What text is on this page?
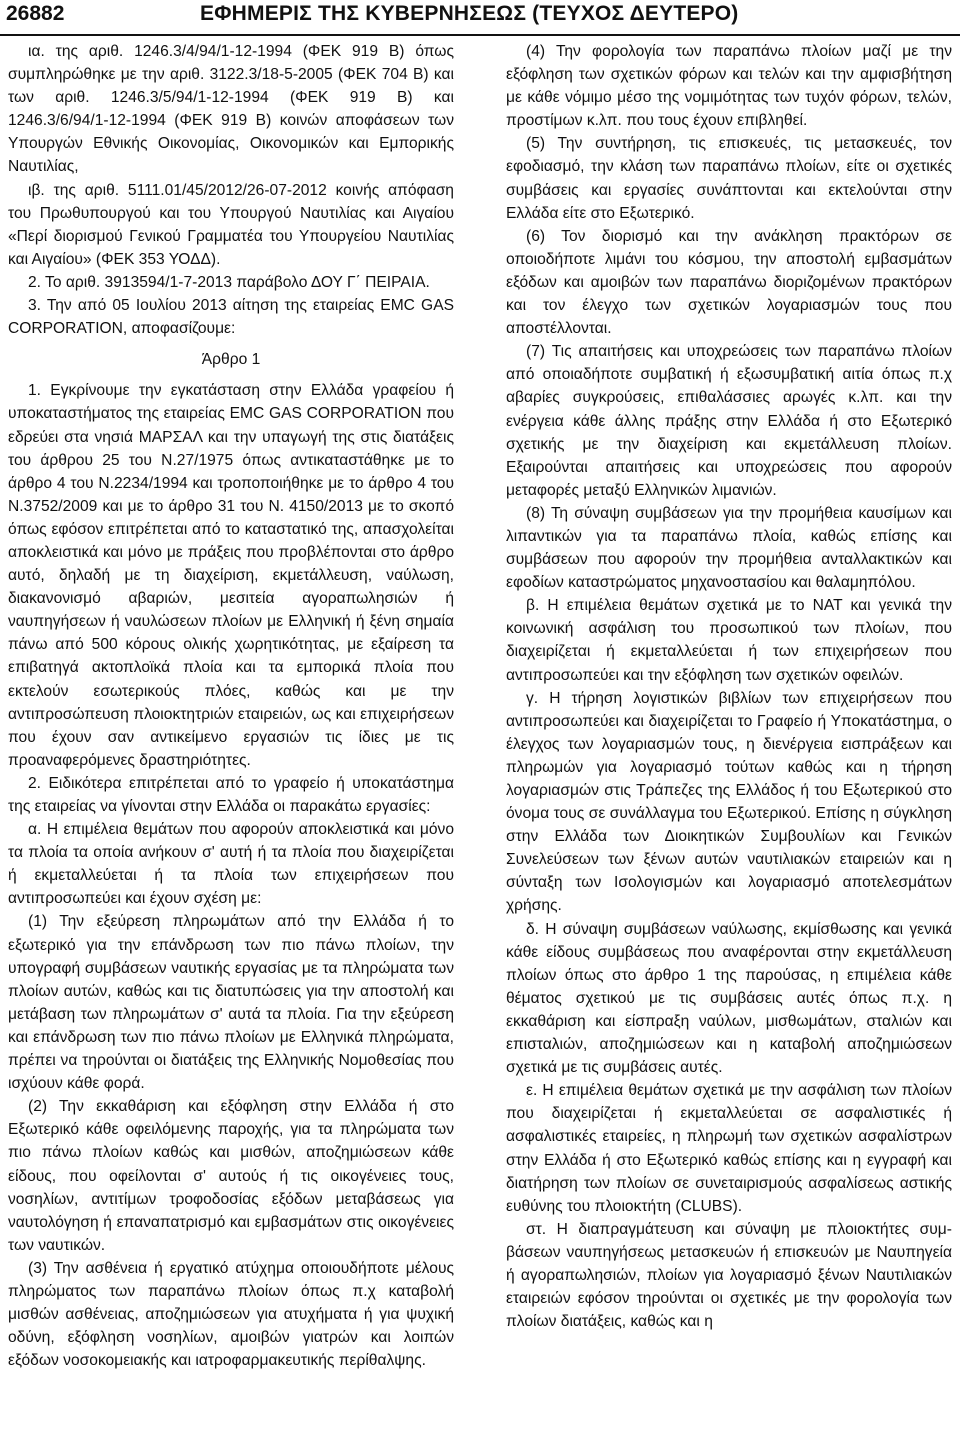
26882	ΕΦΗΜΕΡΙΣ ΤΗΣ ΚΥΒΕΡΝΗΣΕΩΣ (ΤΕΥΧΟΣ ΔΕΥΤΕΡΟ)

ια. της αριθ. 1246.3/4/94/1-12-1994 (ΦΕΚ 919 Β) όπως συμπληρώθηκε με την αριθ. 3122.3/18-5-2005 (ΦΕΚ 704 Β) και των αριθ. 1246.3/5/94/1-12-1994 (ΦΕΚ 919 Β) και 1246.3/6/94/1-12-1994 (ΦΕΚ 919 Β) κοινών αποφάσεων των Υπουργών Εθνικής Οικονομίας, Οικονομικών και Εμπορικής Ναυτιλίας,

ιβ. της αριθ. 5111.01/45/2012/26-07-2012 κοινής απόφαση του Πρωθυπουργού και του Υπουργού Ναυτιλίας και Αιγαίου «Περί διορισμού Γενικού Γραμματέα του Υπουργείου Ναυτιλίας και Αιγαίου» (ΦΕΚ 353 ΥΟΔΔ).

2. Το αριθ. 3913594/1-7-2013 παράβολο ΔΟΥ Γ΄ ΠΕΙΡΑΙΑ.

3. Την από 05 Ιουλίου 2013 αίτηση της εταιρείας EMC GAS CORPORATION, αποφασίζουμε:

Άρθρο 1

1. Εγκρίνουμε την εγκατάσταση στην Ελλάδα γραφείου ή υποκαταστήματος της εταιρείας EMC GAS CORPORATION που εδρεύει στα νησιά ΜΑΡΣΑΛ και την υπαγωγή της στις διατάξεις του άρθρου 25 του Ν.27/1975 όπως αντικαταστάθηκε με το άρθρο 4 του Ν.2234/1994 και τροποποιήθηκε με το άρθρο 4 του Ν.3752/2009 και με το άρθρο 31 του Ν. 4150/2013 με το σκοπό όπως εφόσον επιτρέπεται από το καταστατικό της, απασχολείται αποκλειστικά και μόνο με πράξεις που προβλέπονται στο άρθρο αυτό, δηλαδή με τη διαχείριση, εκμετάλλευση, ναύλωση, διακανονισμό αβαριών, μεσιτεία αγοραπωλησιών ή ναυπηγήσεων ή ναυλώσεων πλοίων με Ελληνική ή ξένη σημαία πάνω από 500 κόρους ολικής χωρητικότητας, με εξαίρεση τα επιβατηγά ακτοπλοϊκά πλοία και τα εμπορικά πλοία που εκτελούν εσωτερικούς πλόες, καθώς και με την αντιπροσώπευση πλοιοκτητριών εταιρειών, ως και επιχειρήσεων που έχουν σαν αντικείμενο εργασιών τις ίδιες με τις προαναφερόμενες δραστηριότητες.

2. Ειδικότερα επιτρέπεται από το γραφείο ή υποκατάστημα της εταιρείας να γίνονται στην Ελλάδα οι παρακάτω εργασίες:

α. Η επιμέλεια θεμάτων που αφορούν αποκλειστικά και μόνο τα πλοία τα οποία ανήκουν σ' αυτή ή τα πλοία που διαχειρίζεται ή εκμεταλλεύεται ή τα πλοία των επιχειρήσεων που αντιπροσωπεύει και έχουν σχέση με:

(1) Την εξεύρεση πληρωμάτων από την Ελλάδα ή το εξωτερικό για την επάνδρωση των πιο πάνω πλοίων, την υπογραφή συμβάσεων ναυτικής εργασίας με τα πληρώματα των πλοίων αυτών, καθώς και τις διατυπώσεις για την αποστολή και μετάβαση των πληρωμάτων σ' αυτά τα πλοία. Για την εξεύρεση και επάνδρωση των πιο πάνω πλοίων με Ελληνικά πληρώματα, πρέπει να τηρούνται οι διατάξεις της Ελληνικής Νομοθεσίας που ισχύουν κάθε φορά.

(2) Την εκκαθάριση και εξόφληση στην Ελλάδα ή στο Εξωτερικό κάθε οφειλόμενης παροχής, για τα πληρώματα των πιο πάνω πλοίων καθώς και μισθών, αποζημιώσεων κάθε είδους, που οφείλονται σ' αυτούς ή τις οικογένειες τους, νοσηλίων, αντιτίμων τροφοδοσίας εξόδων μεταβάσεως για ναυτολόγηση ή επαναπατρισμό και εμβασμάτων στις οικογένειες των ναυτικών.

(3) Την ασθένεια ή εργατικό ατύχημα οποιουδήποτε μέλους πληρώματος των παραπάνω πλοίων όπως π.χ καταβολή μισθών ασθένειας, αποζημιώσεων για ατυχήματα ή για ψυχική οδύνη, εξόφληση νοσηλίων, αμοιβών γιατρών και λοιπών εξόδων νοσοκομειακής και ιατροφαρμακευτικής περίθαλψης.

(4) Την φορολογία των παραπάνω πλοίων μαζί με την εξόφληση των σχετικών φόρων και τελών και την αμφισβήτηση με κάθε νόμιμο μέσο της νομιμότητας των τυχόν φόρων, τελών, προστίμων κ.λπ. που τους έχουν επιβληθεί.

(5) Την συντήρηση, τις επισκευές, τις μετασκευές, τον εφοδιασμό, την κλάση των παραπάνω πλοίων, είτε οι σχετικές συμβάσεις και εργασίες συνάπτονται και εκτελούνται στην Ελλάδα είτε στο Εξωτερικό.

(6) Τον διορισμό και την ανάκληση πρακτόρων σε οποιοδήποτε λιμάνι του κόσμου, την αποστολή εμβασμάτων εξόδων και αμοιβών των παραπάνω διοριζομένων πρακτόρων και τον έλεγχο των σχετικών λογαριασμών τους που αποστέλλονται.

(7) Τις απαιτήσεις και υποχρεώσεις των παραπάνω πλοίων από οποιαδήποτε συμβατική ή εξωσυμβατική αιτία όπως π.χ αβαρίες συγκρούσεις, επιθαλάσσιες αρωγές κ.λπ. και την ενέργεια κάθε άλλης πράξης στην Ελλάδα ή στο Εξωτερικό σχετικής με την διαχείριση και εκμετάλλευση πλοίων. Εξαιρούνται απαιτήσεις και υποχρεώσεις που αφορούν μεταφορές μεταξύ Ελληνικών λιμανιών.

(8) Τη σύναψη συμβάσεων για την προμήθεια καυσίμων και λιπαντικών για τα παραπάνω πλοία, καθώς επίσης και συμβάσεων που αφορούν την προμήθεια ανταλλακτικών και εφοδίων καταστρώματος μηχανοστασίου και θαλαμηπόλου.

β. Η επιμέλεια θεμάτων σχετικά με το ΝΑΤ και γενικά την κοινωνική ασφάλιση του προσωπικού των πλοίων, που διαχειρίζεται ή εκμεταλλεύεται ή των επιχειρήσεων που αντιπροσωπεύει και την εξόφληση των σχετικών οφειλών.

γ. Η τήρηση λογιστικών βιβλίων των επιχειρήσεων που αντιπροσωπεύει και διαχειρίζεται το Γραφείο ή Υποκατάστημα, ο έλεγχος των λογαριασμών τους, η διενέργεια εισπράξεων και πληρωμών για λογαριασμό τούτων καθώς και η τήρηση λογαριασμών στις Τράπεζες της Ελλάδος ή του Εξωτερικού στο όνομα τους σε συνάλλαγμα του Εξωτερικού. Επίσης η σύγκληση στην Ελλάδα των Διοικητικών Συμβουλίων και Γενικών Συνελεύσεων των ξένων αυτών ναυτιλιακών εταιρειών και η σύνταξη των Ισολογισμών και λογαριασμό αποτελεσμάτων χρήσης.

δ. Η σύναψη συμβάσεων ναύλωσης, εκμίσθωσης και γενικά κάθε είδους συμβάσεως που αναφέρονται στην εκμετάλλευση πλοίων όπως στο άρθρο 1 της παρούσας, η επιμέλεια κάθε θέματος σχετικού με τις συμβάσεις αυτές όπως π.χ. η εκκαθάριση και είσπραξη ναύλων, μισθωμάτων, σταλιών και επισταλιών, αποζημιώσεων και η καταβολή αποζημιώσεων σχετικά με τις συμβάσεις αυτές.

ε. Η επιμέλεια θεμάτων σχετικά με την ασφάλιση των πλοίων που διαχειρίζεται ή εκμεταλλεύεται σε ασφαλιστικές ή ασφαλιστικές εταιρείες, η πληρωμή των σχετικών ασφαλίστρων στην Ελλάδα ή στο Εξωτερικό καθώς επίσης και η εγγραφή και διατήρηση των πλοίων σε συνεταιρισμούς ασφαλίσεως αστικής ευθύνης του πλοιοκτήτη (CLUBS).

στ. Η διαπραγμάτευση και σύναψη με πλοιοκτήτες συμβάσεων ναυπηγήσεως μετασκευών ή επισκευών με Ναυπηγεία ή αγοραπωλησιών, πλοίων για λογαριασμό ξένων Ναυτιλιακών εταιρειών εφόσον τηρούνται οι σχετικές με την φορολογία των πλοίων διατάξεις, καθώς και η
